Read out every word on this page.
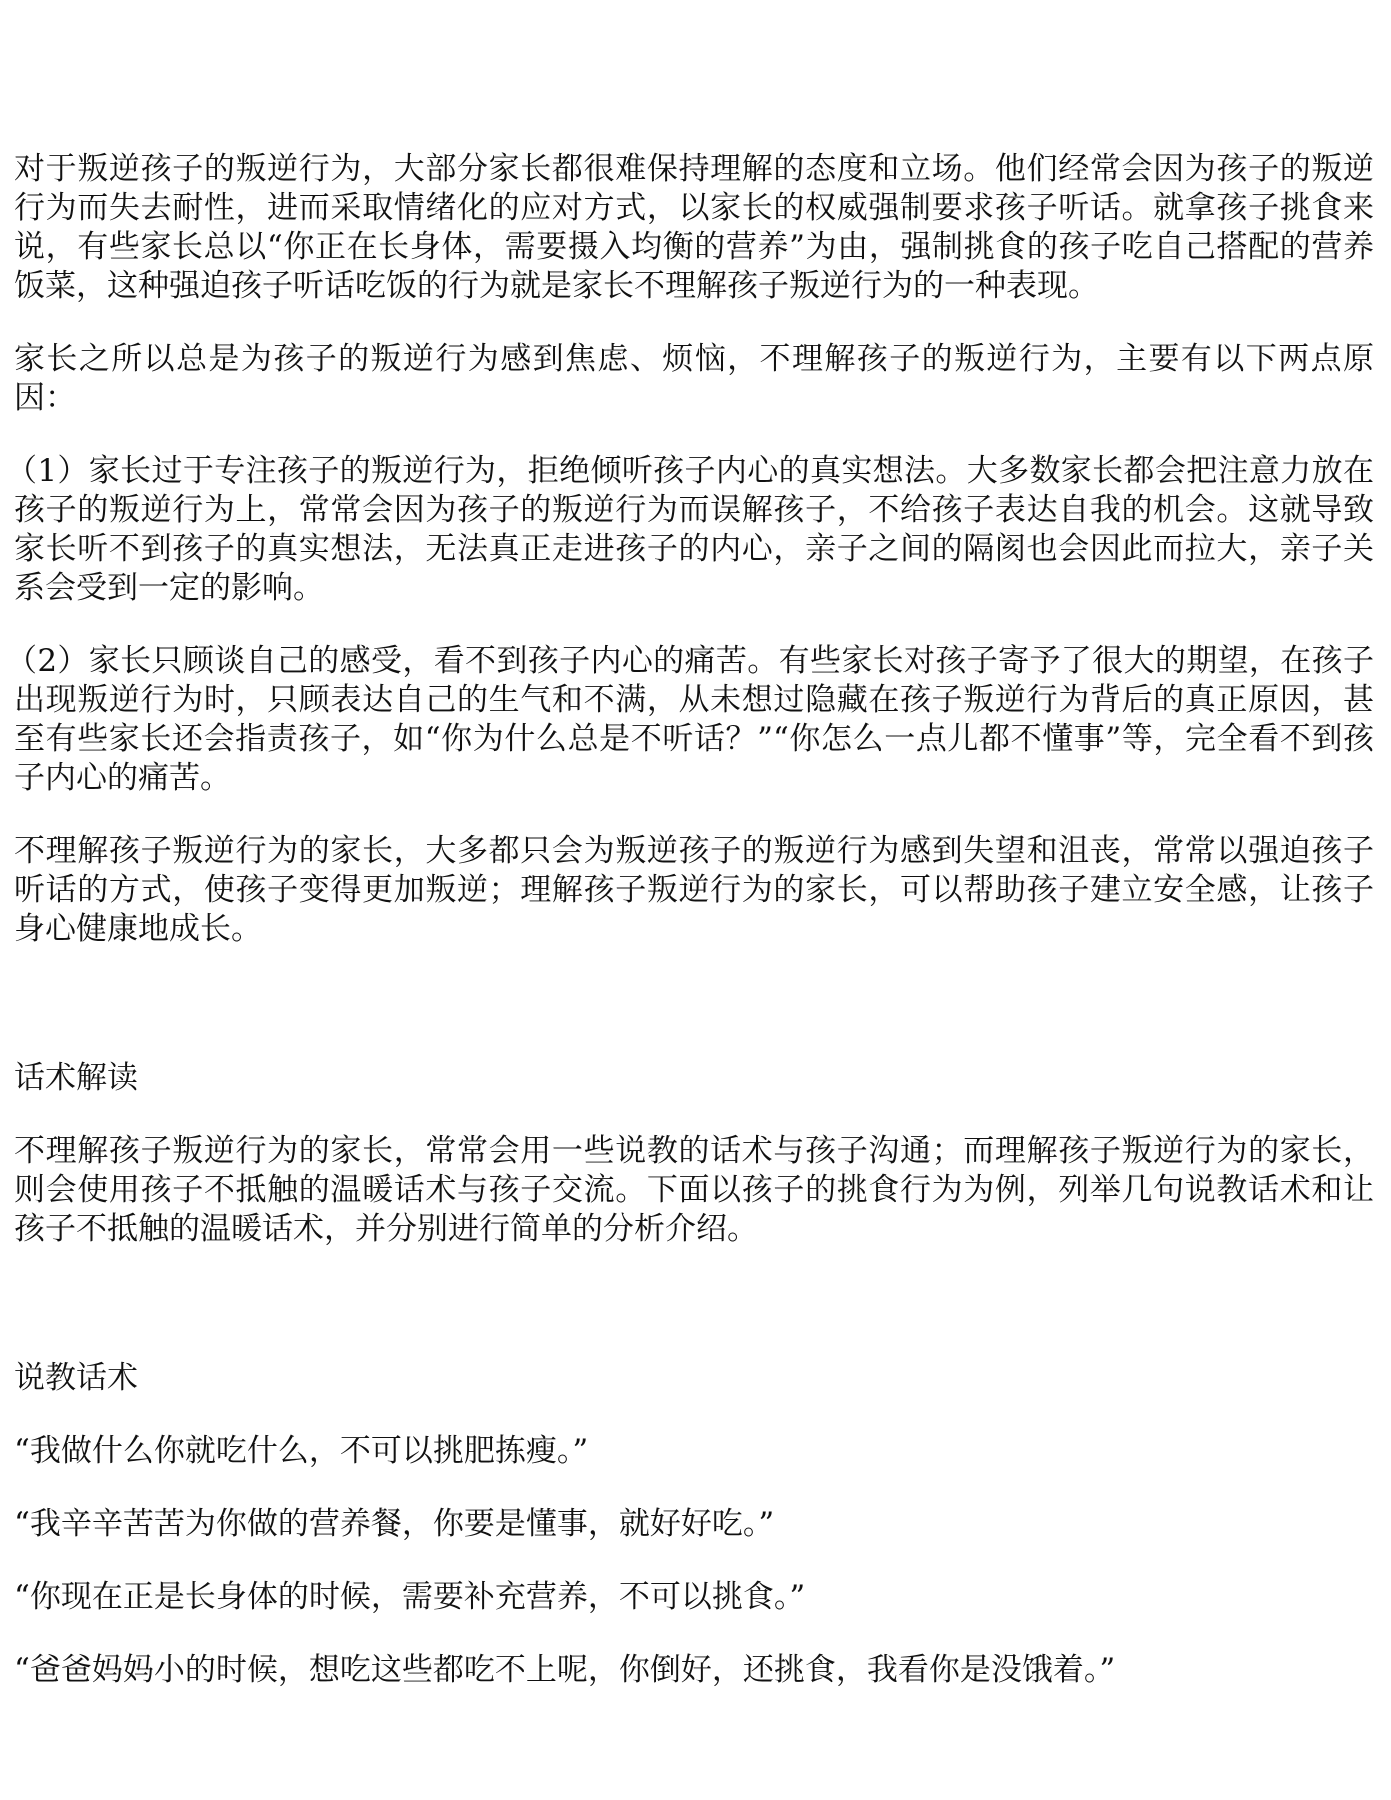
对于叛逆孩子的叛逆行为，大部分家长都很难保持理解的态度和立场。他们经常会因为孩子的叛逆行为而失去耐性，进而采取情绪化的应对方式，以家长的权威强制要求孩子听话。就拿孩子挑食来说，有些家长总以“你正在长身体，需要摄入均衡的营养”为由，强制挑食的孩子吃自己搭配的营养饭菜，这种强迫孩子听话吃饭的行为就是家长不理解孩子叛逆行为的一种表现。

家长之所以总是为孩子的叛逆行为感到焦虑、烦恼，不理解孩子的叛逆行为，主要有以下两点原因：

（1）家长过于专注孩子的叛逆行为，拒绝倾听孩子内心的真实想法。大多数家长都会把注意力放在孩子的叛逆行为上，常常会因为孩子的叛逆行为而误解孩子，不给孩子表达自我的机会。这就导致家长听不到孩子的真实想法，无法真正走进孩子的内心，亲子之间的隔阂也会因此而拉大，亲子关系会受到一定的影响。

（2）家长只顾谈自己的感受，看不到孩子内心的痛苦。有些家长对孩子寄予了很大的期望，在孩子出现叛逆行为时，只顾表达自己的生气和不满，从未想过隐藏在孩子叛逆行为背后的真正原因，甚至有些家长还会指责孩子，如“你为什么总是不听话？”“你怎么一点儿都不懂事”等，完全看不到孩子内心的痛苦。

不理解孩子叛逆行为的家长，大多都只会为叛逆孩子的叛逆行为感到失望和沮丧，常常以强迫孩子听话的方式，使孩子变得更加叛逆；理解孩子叛逆行为的家长，可以帮助孩子建立安全感，让孩子身心健康地成长。

话术解读

不理解孩子叛逆行为的家长，常常会用一些说教的话术与孩子沟通；而理解孩子叛逆行为的家长，则会使用孩子不抵触的温暖话术与孩子交流。下面以孩子的挑食行为为例，列举几句说教话术和让孩子不抵触的温暖话术，并分别进行简单的分析介绍。

说教话术
“我做什么你就吃什么，不可以挑肥拣瘦。”
“我辛辛苦苦为你做的营养餐，你要是懂事，就好好吃。”
“你现在正是长身体的时候，需要补充营养，不可以挑食。”
“爸爸妈妈小的时候，想吃这些都吃不上呢，你倒好，还挑食，我看你是没饿着。”
